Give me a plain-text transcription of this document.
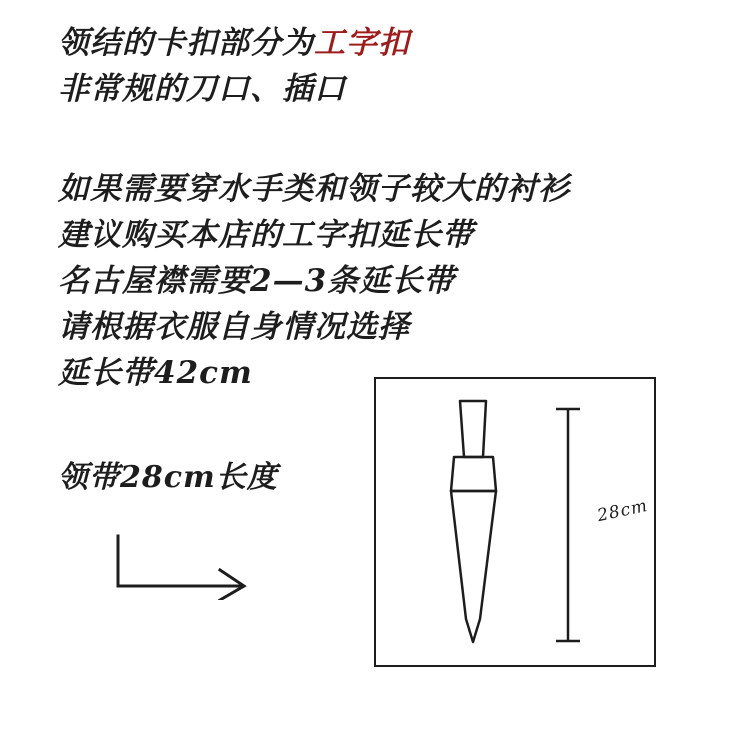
领结的卡扣部分为工字扣
非常规的刀口、插口
如果需要穿水手类和领子较大的衬衫
建议购买本店的工字扣延长带
名古屋襟需要2—3条延长带
请根据衣服自身情况选择
延长带42cm
领带28cm长度
28cm
